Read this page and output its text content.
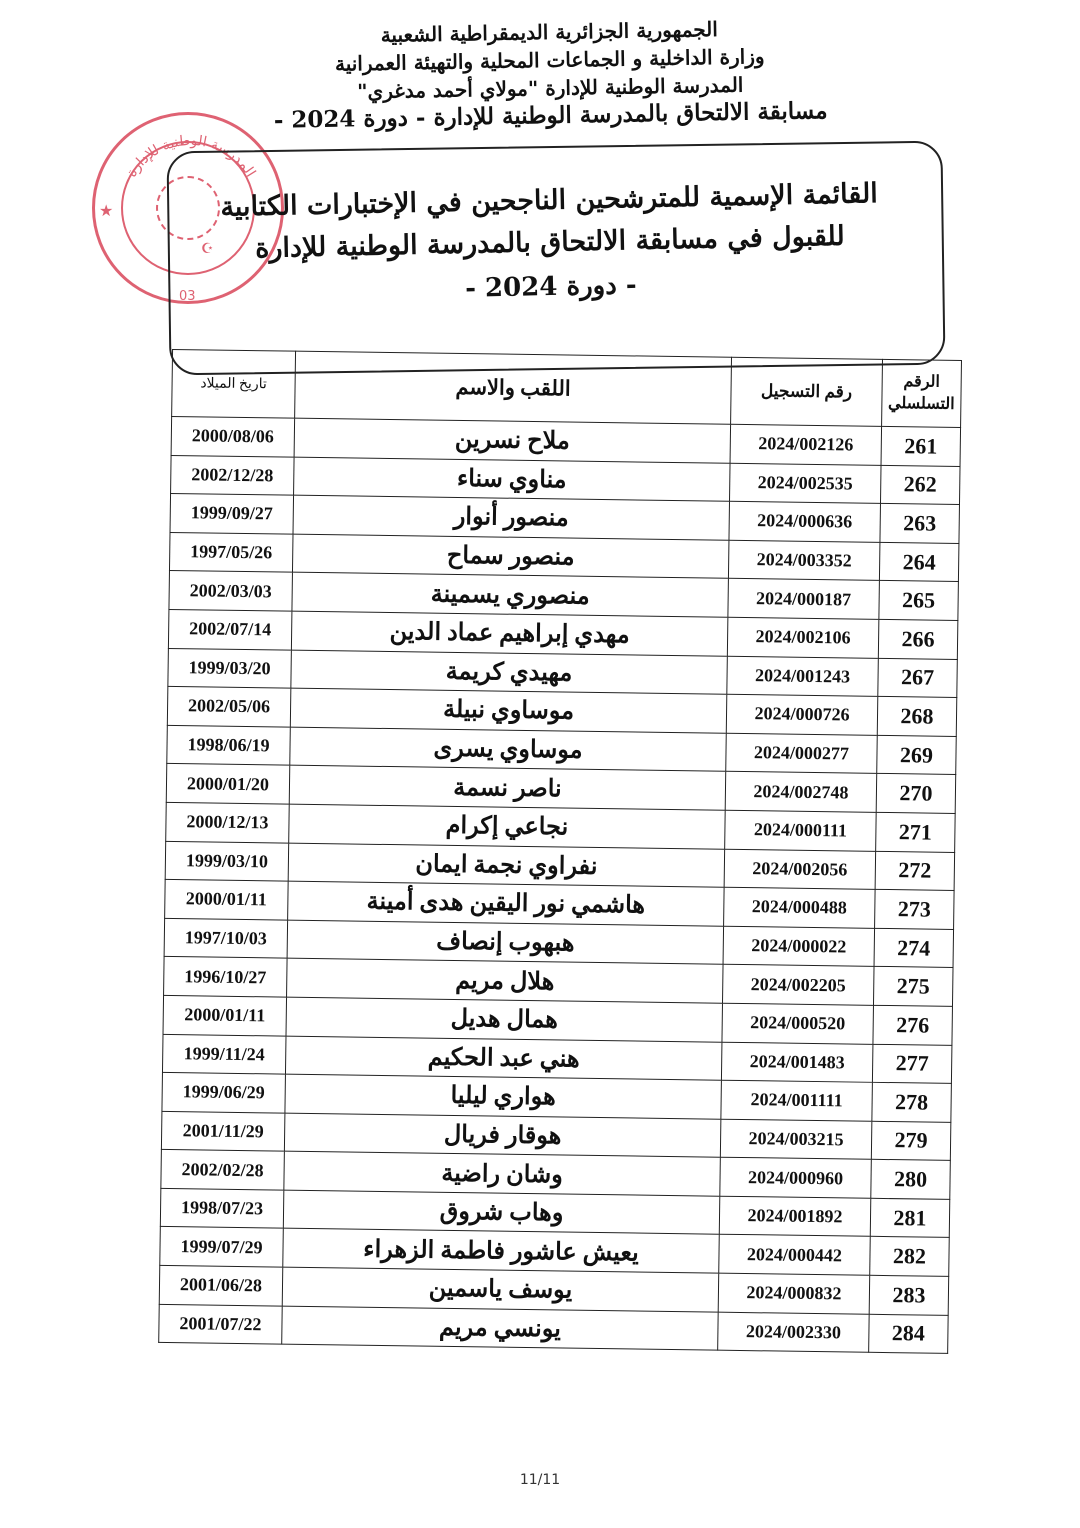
الجمهورية الجزائرية الديمقراطية الشعبية
وزارة الداخلية و الجماعات المحلية والتهيئة العمرانية
المدرسة الوطنية للإدارة "مولاي أحمد مدغري"
مسابقة الالتحاق بالمدرسة الوطنية للإدارة - دورة 2024 -
المدرسة الوطنية للإدارة
★
☪
03
القائمة الإسمية للمترشحين الناجحين في الإختبارات الكتابية
للقبول في مسابقة الالتحاق بالمدرسة الوطنية للإدارة
- دورة 2024 -
الرقم
التسلسلي	رقم التسجيل	اللقب والاسم	تاريخ الميلاد
261	2024/002126	ملاح نسرين	2000/08/06
262	2024/002535	مناوي سناء	2002/12/28
263	2024/000636	منصور أنوار	1999/09/27
264	2024/003352	منصور سماح	1997/05/26
265	2024/000187	منصوري يسمينة	2002/03/03
266	2024/002106	مهدي إبراهيم عماد الدين	2002/07/14
267	2024/001243	مهيدي كريمة	1999/03/20
268	2024/000726	موساوي نبيلة	2002/05/06
269	2024/000277	موساوي يسرى	1998/06/19
270	2024/002748	ناصر نسمة	2000/01/20
271	2024/000111	نجاعي إكرام	2000/12/13
272	2024/002056	نفراوي نجمة ايمان	1999/03/10
273	2024/000488	هاشمي نور اليقين هدى أمينة	2000/01/11
274	2024/000022	هبهوب إنصاف	1997/10/03
275	2024/002205	هلال مريم	1996/10/27
276	2024/000520	همال هديل	2000/01/11
277	2024/001483	هني عبد الحكيم	1999/11/24
278	2024/001111	هواري ليليا	1999/06/29
279	2024/003215	هوقار فريال	2001/11/29
280	2024/000960	وشان راضية	2002/02/28
281	2024/001892	وهاب شروق	1998/07/23
282	2024/000442	يعيش عاشور فاطمة الزهراء	1999/07/29
283	2024/000832	يوسف ياسمين	2001/06/28
284	2024/002330	يونسي مريم	2001/07/22
11/11
